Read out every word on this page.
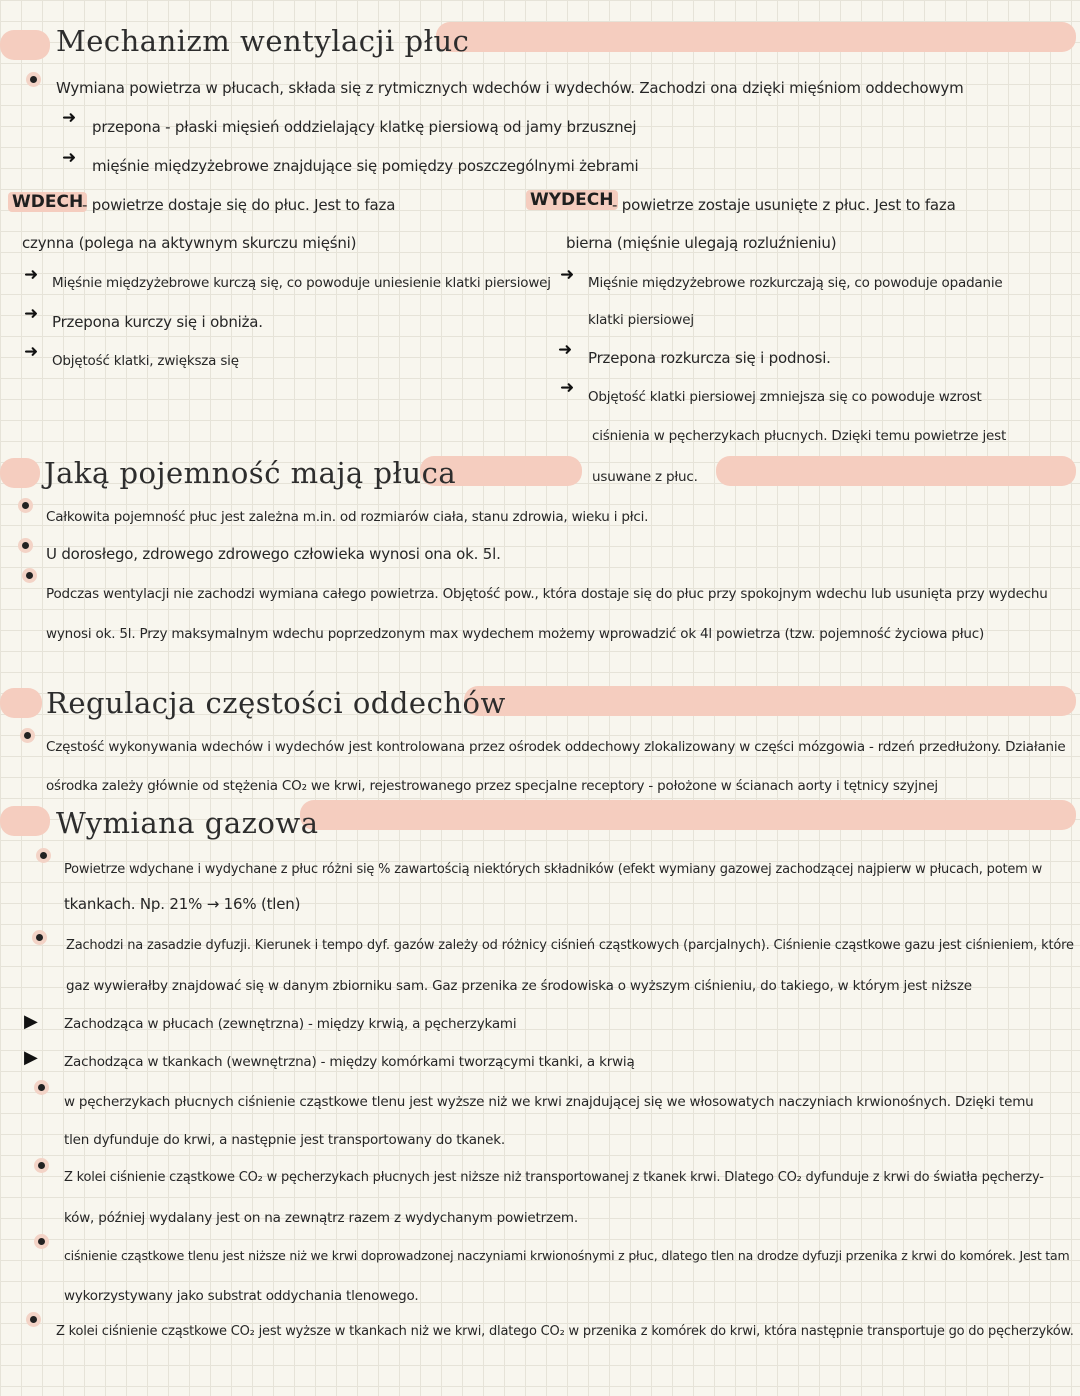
Mechanizm wentylacji płuc
Wymiana powietrza w płucach, składa się z rytmicznych wdechów i wydechów. Zachodzi ona dzięki mięśniom oddechowym
➜ przepona - płaski mięsień oddzielający klatkę piersiową od jamy brzusznej
➜ mięśnie międzyżebrowe znajdujące się pomiędzy poszczególnymi żebrami
WDECH
- powietrze dostaje się do płuc. Jest to faza
czynna (polega na aktywnym skurczu mięśni)
➜ Mięśnie międzyżebrowe kurczą się, co powoduje uniesienie klatki piersiowej
➜ Przepona kurczy się i obniża.
➜ Objętość klatki, zwiększa się
WYDECH
- powietrze zostaje usunięte z płuc. Jest to faza
bierna (mięśnie ulegają rozluźnieniu)
➜ Mięśnie międzyżebrowe rozkurczają się, co powoduje opadanie
klatki piersiowej
➜ Przepona rozkurcza się i podnosi.
➜ Objętość klatki piersiowej zmniejsza się co powoduje wzrost
ciśnienia w pęcherzykach płucnych. Dzięki temu powietrze jest
Jaką pojemność mają płuca	usuwane z płuc.
Całkowita pojemność płuc jest zależna m.in. od rozmiarów ciała, stanu zdrowia, wieku i płci.
U dorosłego, zdrowego zdrowego człowieka wynosi ona ok. 5l.
Podczas wentylacji nie zachodzi wymiana całego powietrza. Objętość pow., która dostaje się do płuc przy spokojnym wdechu lub usunięta przy wydechu
wynosi ok. 5l. Przy maksymalnym wdechu poprzedzonym max wydechem możemy wprowadzić ok 4l powietrza (tzw. pojemność życiowa płuc)
Regulacja częstości oddechów
Częstość wykonywania wdechów i wydechów jest kontrolowana przez ośrodek oddechowy zlokalizowany w części mózgowia - rdzeń przedłużony. Działanie
ośrodka zależy głównie od stężenia CO₂ we krwi, rejestrowanego przez specjalne receptory - położone w ścianach aorty i tętnicy szyjnej
Wymiana gazowa
Powietrze wdychane i wydychane z płuc różni się % zawartością niektórych składników (efekt wymiany gazowej zachodzącej najpierw w płucach, potem w
tkankach. Np. 21% → 16% (tlen)
Zachodzi na zasadzie dyfuzji. Kierunek i tempo dyf. gazów zależy od różnicy ciśnień cząstkowych (parcjalnych). Ciśnienie cząstkowe gazu jest ciśnieniem, które
gaz wywierałby znajdować się w danym zbiorniku sam. Gaz przenika ze środowiska o wyższym ciśnieniu, do takiego, w którym jest niższe
▶ Zachodząca w płucach (zewnętrzna) - między krwią, a pęcherzykami
▶ Zachodząca w tkankach (wewnętrzna) - między komórkami tworzącymi tkanki, a krwią
w pęcherzykach płucnych ciśnienie cząstkowe tlenu jest wyższe niż we krwi znajdującej się we włosowatych naczyniach krwionośnych. Dzięki temu
tlen dyfunduje do krwi, a następnie jest transportowany do tkanek.
Z kolei ciśnienie cząstkowe CO₂ w pęcherzykach płucnych jest niższe niż transportowanej z tkanek krwi. Dlatego CO₂ dyfunduje z krwi do światła pęcherzy-
ków, później wydalany jest on na zewnątrz razem z wydychanym powietrzem.
ciśnienie cząstkowe tlenu jest niższe niż we krwi doprowadzonej naczyniami krwionośnymi z płuc, dlatego tlen na drodze dyfuzji przenika z krwi do komórek. Jest tam
wykorzystywany jako substrat oddychania tlenowego.
Z kolei ciśnienie cząstkowe CO₂ jest wyższe w tkankach niż we krwi, dlatego CO₂ w przenika z komórek do krwi, która następnie transportuje go do pęcherzyków.
